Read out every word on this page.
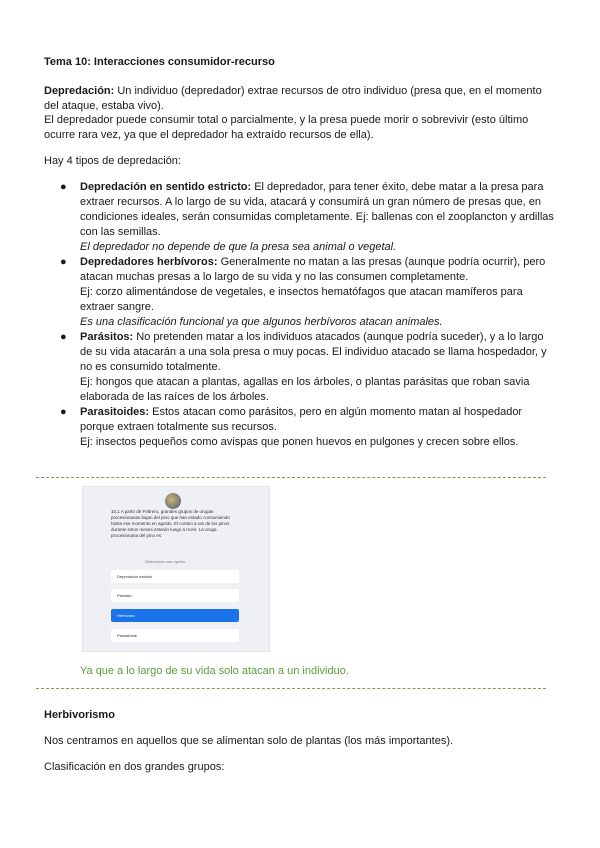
Tema 10: Interacciones consumidor-recurso
Depredación: Un individuo (depredador) extrae recursos de otro individuo (presa que, en el momento del ataque, estaba vivo).
El depredador puede consumir total o parcialmente, y la presa puede morir o sobrevivir (esto último ocurre rara vez, ya que el depredador ha extraído recursos de ella).
Hay 4 tipos de depredación:
● Depredación en sentido estricto: El depredador, para tener éxito, debe matar a la presa para extraer recursos. A lo largo de su vida, atacará y consumirá un gran número de presas que, en condiciones ideales, serán consumidas completamente. Ej: ballenas con el zooplancton y ardillas con las semillas.
El depredador no depende de que la presa sea animal o vegetal.
● Depredadores herbívoros: Generalmente no matan a las presas (aunque podría ocurrir), pero atacan muchas presas a lo largo de su vida y no las consumen completamente.
Ej: corzo alimentándose de vegetales, e insectos hematófagos que atacan mamíferos para extraer sangre.
Es una clasificación funcional ya que algunos herbívoros atacan animales.
● Parásitos: No pretenden matar a los individuos atacados (aunque podría suceder), y a lo largo de su vida atacarán a una sola presa o muy pocas. El individuo atacado se llama hospedador, y no es consumido totalmente.
Ej: hongos que atacan a plantas, agallas en los árboles, o plantas parásitas que roban savia elaborada de las raíces de los árboles.
● Parasitoides: Estos atacan como parásitos, pero en algún momento matan al hospedador porque extraen totalmente sus recursos.
Ej: insectos pequeños como avispas que ponen huevos en pulgones y crecen sobre ellos.
Ya que a lo largo de su vida solo atacan a un individuo.
Herbivorismo
Nos centramos en aquellos que se alimentan solo de plantas (los más importantes).
Clasificación en dos grandes grupos:
10.1 A partir de Febrero, grandes grupos de orugas procesionarias bajan del pino que han estado consumiendo hasta ese momento en agosto. El conteo a ras de los pinos durante estos meses estarán luego a morir. La oruga procesionaria del pino es:
Selecciona una opción
Depredador estricto
Parásito
Herbívoro
Parasitoide
